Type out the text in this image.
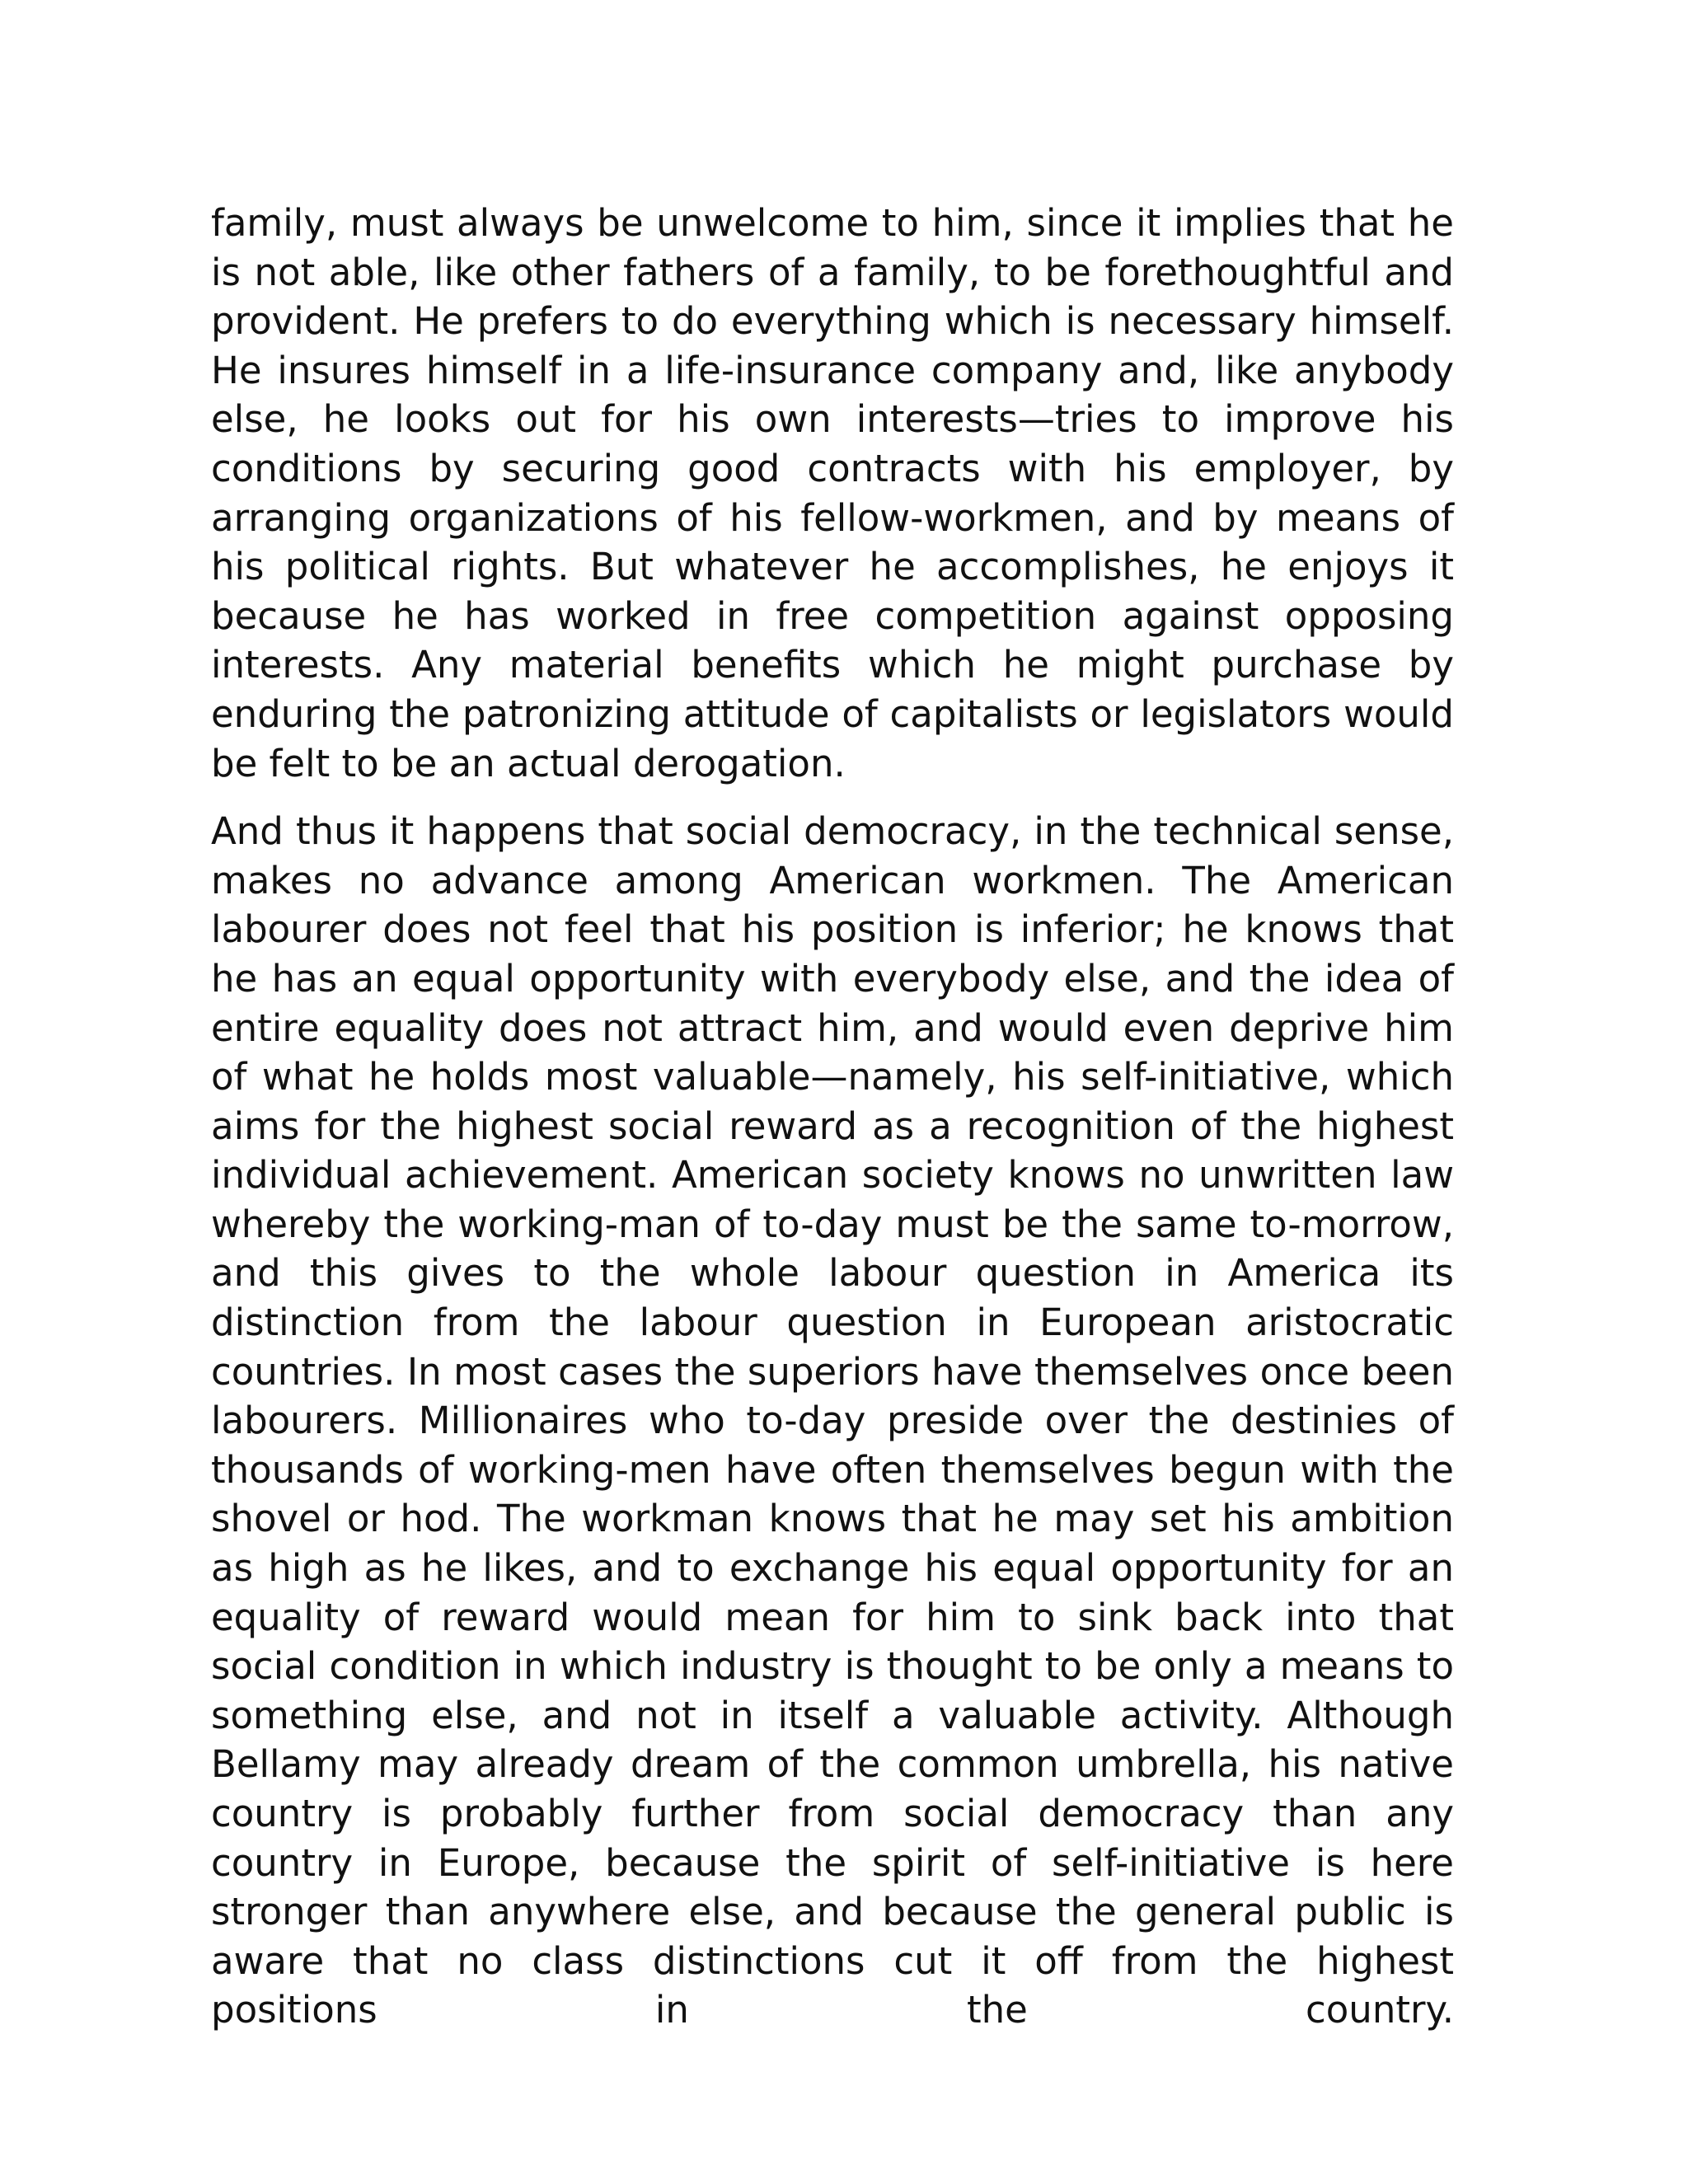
family, must always be unwelcome to him, since it implies that he is not able, like other fathers of a family, to be forethoughtful and provident. He prefers to do everything which is necessary himself. He insures himself in a life-insurance company and, like anybody else, he looks out for his own interests—tries to improve his conditions by securing good contracts with his employer, by arranging organizations of his fellow-workmen, and by means of his political rights. But whatever he accomplishes, he enjoys it because he has worked in free competition against opposing interests. Any material benefits which he might purchase by enduring the patronizing attitude of capitalists or legislators would be felt to be an actual derogation.

And thus it happens that social democracy, in the technical sense, makes no advance among American workmen. The American labourer does not feel that his position is inferior; he knows that he has an equal opportunity with everybody else, and the idea of entire equality does not attract him, and would even deprive him of what he holds most valuable—namely, his self-initiative, which aims for the highest social reward as a recognition of the highest individual achievement. American society knows no unwritten law whereby the working-man of to-day must be the same to-morrow, and this gives to the whole labour question in America its distinction from the labour question in European aristocratic countries. In most cases the superiors have themselves once been labourers. Millionaires who to-day preside over the destinies of thousands of working-men have often themselves begun with the shovel or hod. The workman knows that he may set his ambition as high as he likes, and to exchange his equal opportunity for an equality of reward would mean for him to sink back into that social condition in which industry is thought to be only a means to something else, and not in itself a valuable activity. Although Bellamy may already dream of the common umbrella, his native country is probably further from social democracy than any country in Europe, because the spirit of self-initiative is here stronger than anywhere else, and because the general public is aware that no class distinctions cut it off from the highest positions in the country.
